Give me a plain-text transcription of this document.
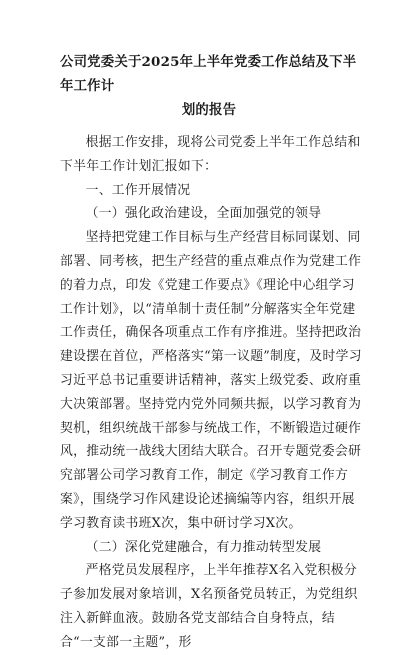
公司党委关于2025年上半年党委工作总结及下半年工作计
划的报告

根据工作安排，现将公司党委上半年工作总结和下半年工作计划汇报如下：

一、工作开展情况

（一）强化政治建设，全面加强党的领导

坚持把党建工作目标与生产经营目标同谋划、同部署、同考核，把生产经营的重点难点作为党建工作的着力点，印发《党建工作要点》《理论中心组学习工作计划》，以“清单制十责任制”分解落实全年党建工作责任，确保各项重点工作有序推进。坚持把政治建设摆在首位，严格落实“第一议题”制度，及时学习习近平总书记重要讲话精神，落实上级党委、政府重大决策部署。坚持党内党外同频共振，以学习教育为契机，组织统战干部参与统战工作，不断锻造过硬作风，推动统一战线大团结大联合。召开专题党委会研究部署公司学习教育工作，制定《学习教育工作方案》，围绕学习作风建设论述摘编等内容，组织开展学习教育读书班X次，集中研讨学习X次。

（二）深化党建融合，有力推动转型发展

严格党员发展程序，上半年推荐X名入党积极分子参加发展对象培训，X名预备党员转正，为党组织注入新鲜血液。鼓励各党支部结合自身特点，结合“一支部一主题”，形
